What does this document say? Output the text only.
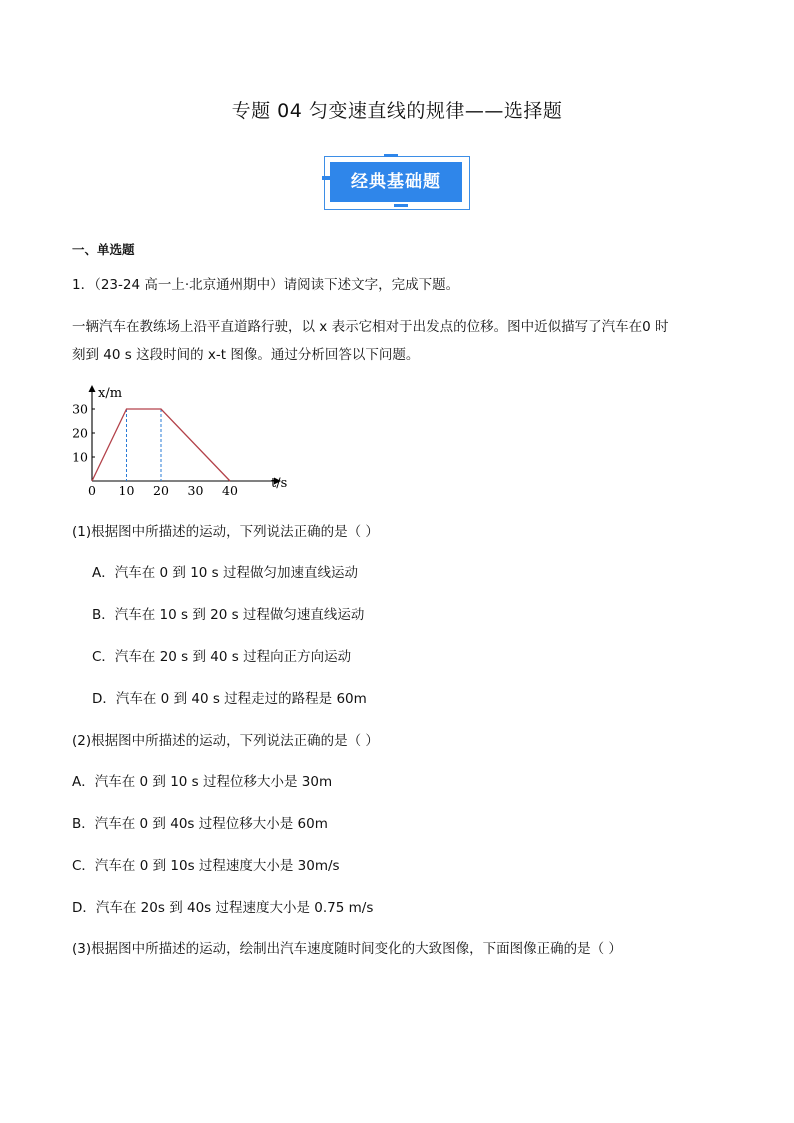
专题 04 匀变速直线的规律——选择题
经典基础题
一、单选题
1．（23-24 高一上·北京通州期中）请阅读下述文字，完成下题。
一辆汽车在教练场上沿平直道路行驶，以 x 表示它相对于出发点的位移。图中近似描写了汽车在0 时
刻到 40 s 这段时间的 x-t 图像。通过分析回答以下问题。
x/m
t/s
0 10 20 30 40
10
20
30
(1)根据图中所描述的运动，下列说法正确的是（ ）
A．汽车在 0 到 10 s 过程做匀加速直线运动
B．汽车在 10 s 到 20 s 过程做匀速直线运动
C．汽车在 20 s 到 40 s 过程向正方向运动
D．汽车在 0 到 40 s 过程走过的路程是 60m
(2)根据图中所描述的运动，下列说法正确的是（ ）
A．汽车在 0 到 10 s 过程位移大小是 30m
B．汽车在 0 到 40s 过程位移大小是 60m
C．汽车在 0 到 10s 过程速度大小是 30m/s
D．汽车在 20s 到 40s 过程速度大小是 0.75 m/s
(3)根据图中所描述的运动，绘制出汽车速度随时间变化的大致图像，下面图像正确的是（ ）
